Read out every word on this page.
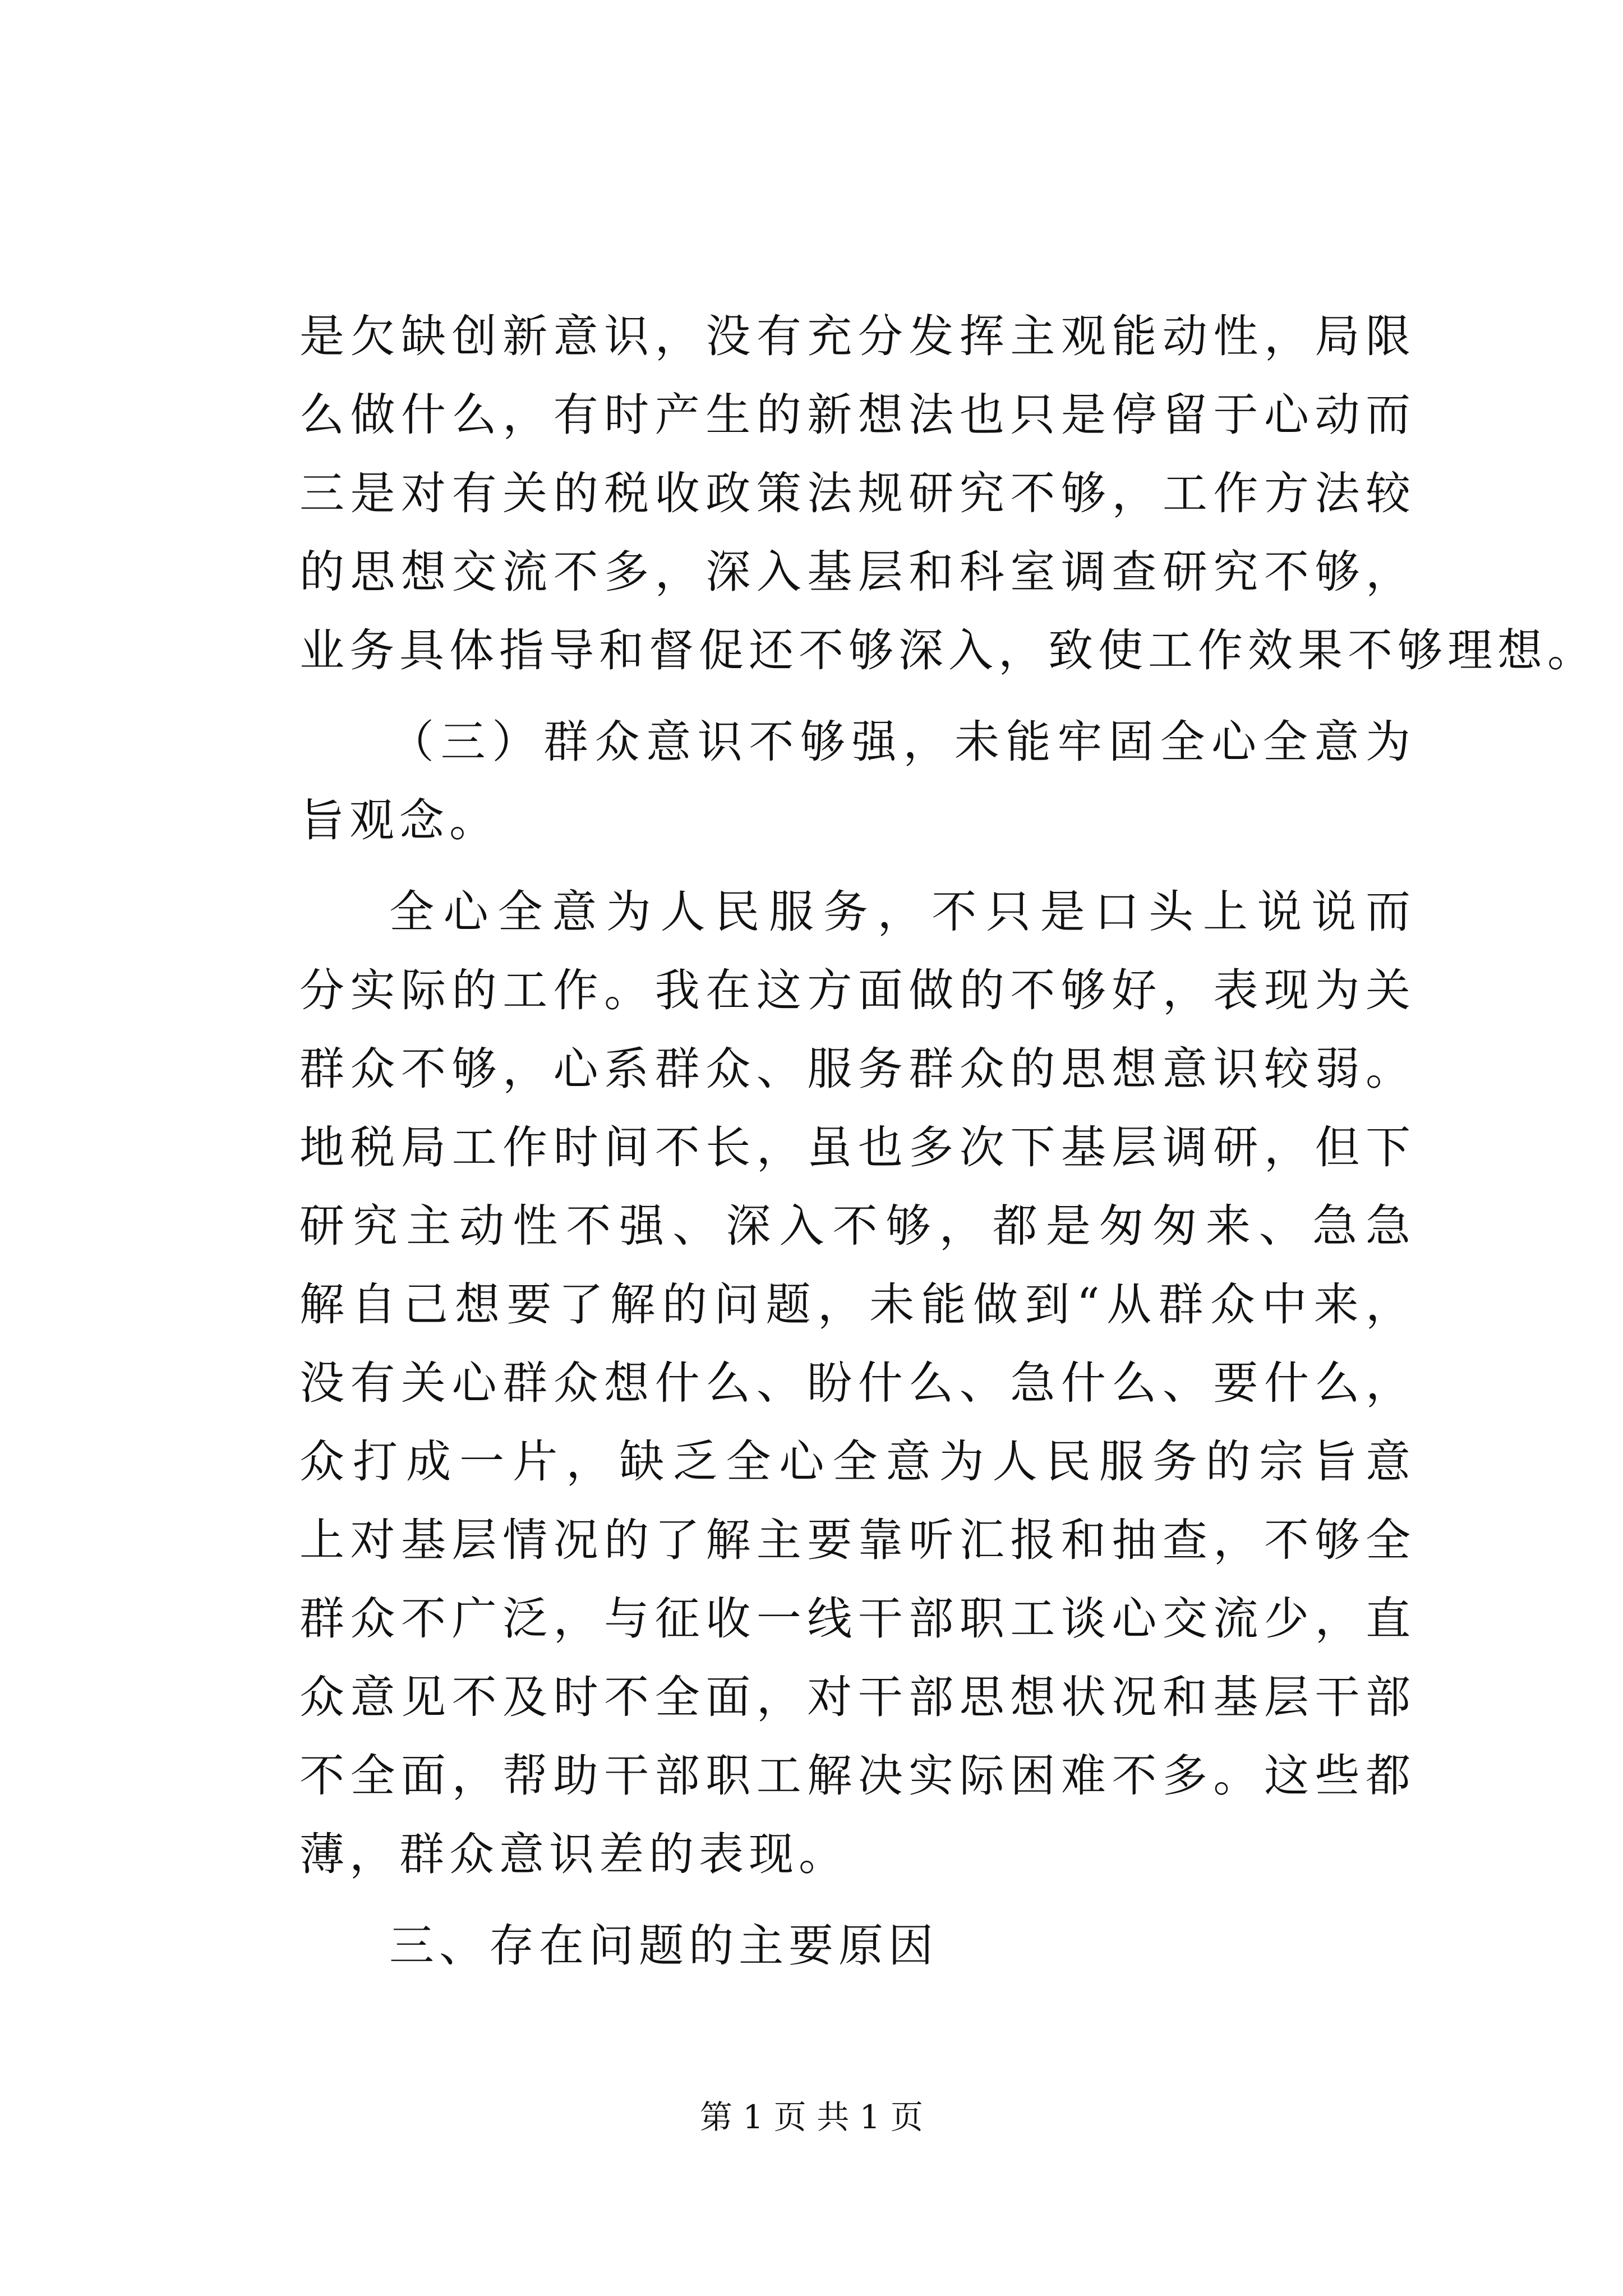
是欠缺创新意识，没有充分发挥主观能动性，局限
么做什么，有时产生的新想法也只是停留于心动而
三是对有关的税收政策法规研究不够，工作方法较
的思想交流不多，深入基层和科室调查研究不够，
业务具体指导和督促还不够深入，致使工作效果不够理想。
（三）群众意识不够强，未能牢固全心全意为
旨观念。
全心全意为人民服务，不只是口头上说说而
分实际的工作。我在这方面做的不够好，表现为关
群众不够，心系群众、服务群众的思想意识较弱。
地税局工作时间不长，虽也多次下基层调研，但下
研究主动性不强、深入不够，都是匆匆来、急急
解自己想要了解的问题，未能做到“从群众中来，
没有关心群众想什么、盼什么、急什么、要什么，
众打成一片，缺乏全心全意为人民服务的宗旨意
上对基层情况的了解主要靠听汇报和抽查，不够全
群众不广泛，与征收一线干部职工谈心交流少，直
众意见不及时不全面，对干部思想状况和基层干部
不全面，帮助干部职工解决实际困难不多。这些都
薄，群众意识差的表现。
三、存在问题的主要原因
第 1 页 共 1 页
